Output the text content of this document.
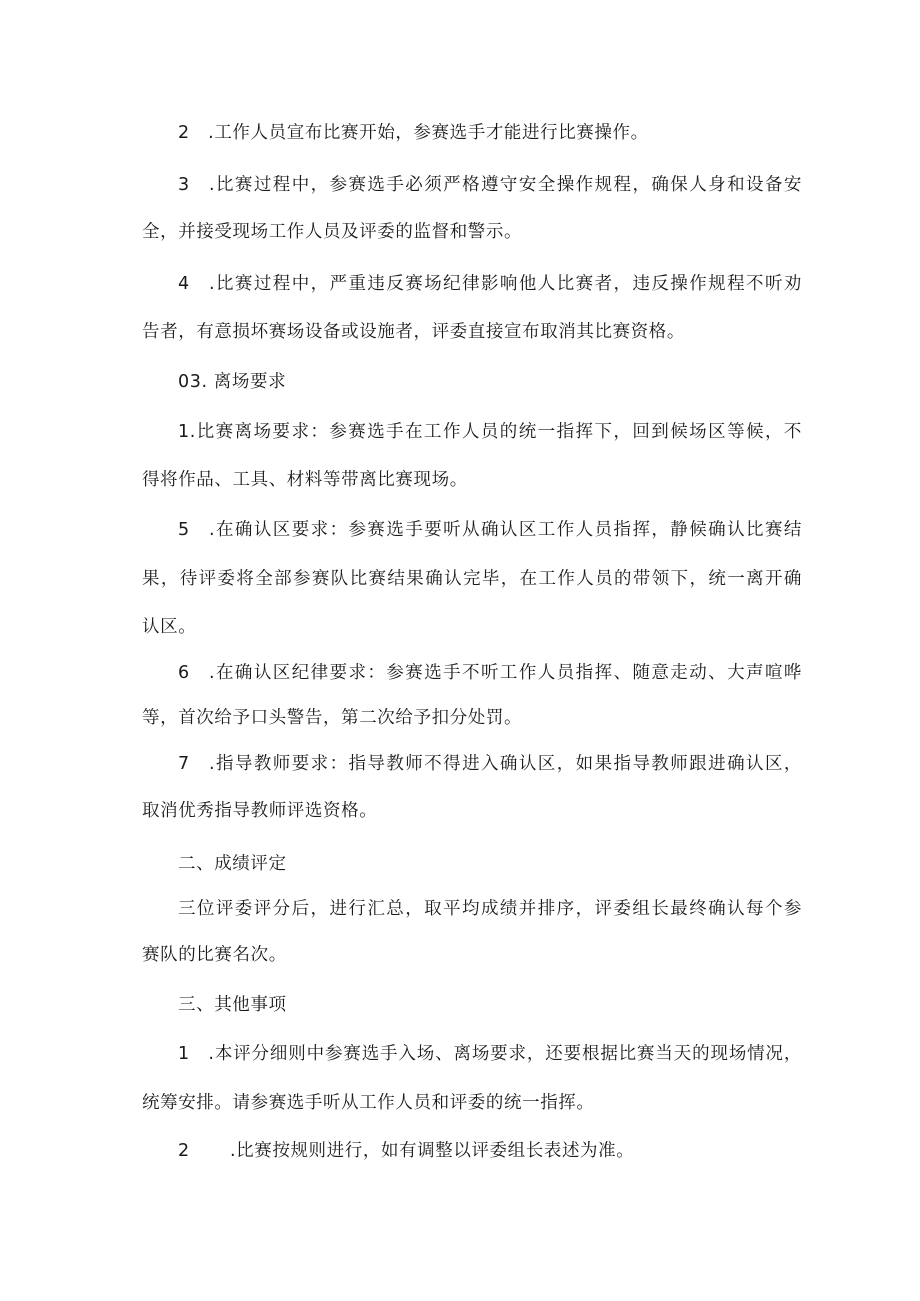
2 .工作人员宣布比赛开始，参赛选手才能进行比赛操作。
3 .比赛过程中，参赛选手必须严格遵守安全操作规程，确保人身和设备安
全，并接受现场工作人员及评委的监督和警示。
4 .比赛过程中，严重违反赛场纪律影响他人比赛者，违反操作规程不听劝
告者，有意损坏赛场设备或设施者，评委直接宣布取消其比赛资格。
03. 离场要求
1.比赛离场要求：参赛选手在工作人员的统一指挥下，回到候场区等候，不
得将作品、工具、材料等带离比赛现场。
5 .在确认区要求：参赛选手要听从确认区工作人员指挥，静候确认比赛结
果，待评委将全部参赛队比赛结果确认完毕，在工作人员的带领下，统一离开确
认区。
6 .在确认区纪律要求：参赛选手不听工作人员指挥、随意走动、大声喧哗
等，首次给予口头警告，第二次给予扣分处罚。
7 .指导教师要求：指导教师不得进入确认区，如果指导教师跟进确认区，
取消优秀指导教师评选资格。
二、成绩评定
三位评委评分后，进行汇总，取平均成绩并排序，评委组长最终确认每个参
赛队的比赛名次。
三、其他事项
1 .本评分细则中参赛选手入场、离场要求，还要根据比赛当天的现场情况，
统筹安排。请参赛选手听从工作人员和评委的统一指挥。
2 .比赛按规则进行，如有调整以评委组长表述为准。
